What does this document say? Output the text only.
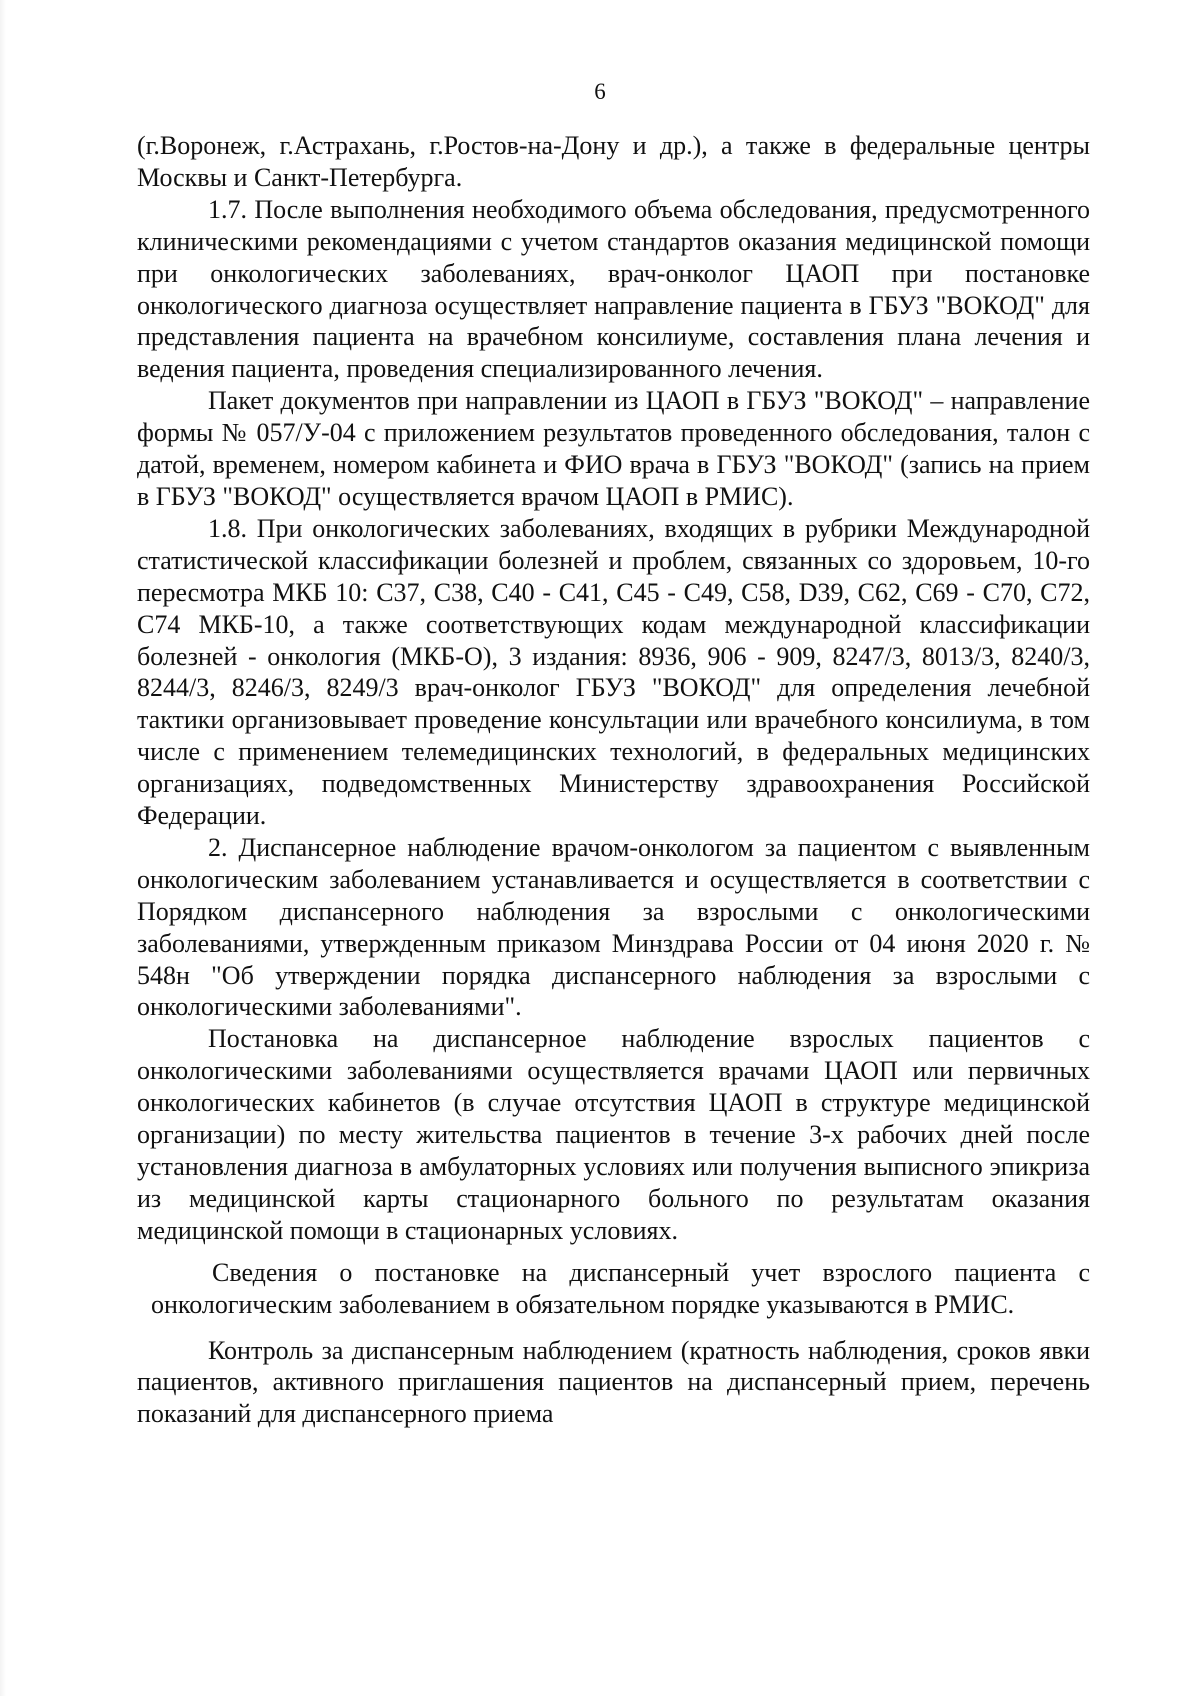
6

(г.Воронеж, г.Астрахань, г.Ростов-на-Дону и др.), а также в федеральные центры Москвы и Санкт-Петербурга.

1.7. После выполнения необходимого объема обследования, предусмотренного клиническими рекомендациями с учетом стандартов оказания медицинской помощи при онкологических заболеваниях, врач-онколог ЦАОП при постановке онкологического диагноза осуществляет направление пациента в ГБУЗ "ВОКОД" для представления пациента на врачебном консилиуме, составления плана лечения и ведения пациента, проведения специализированного лечения.

Пакет документов при направлении из ЦАОП в ГБУЗ "ВОКОД" – направление формы № 057/У-04 с приложением результатов проведенного обследования, талон с датой, временем, номером кабинета и ФИО врача в ГБУЗ "ВОКОД" (запись на прием в ГБУЗ "ВОКОД" осуществляется врачом ЦАОП в РМИС).

1.8. При онкологических заболеваниях, входящих в рубрики Международной статистической классификации болезней и проблем, связанных со здоровьем, 10-го пересмотра МКБ 10: С37, С38, С40 - С41, С45 - С49, С58, D39, С62, С69 - С70, С72, С74 МКБ-10, а также соответствующих кодам международной классификации болезней - онкология (МКБ-О), 3 издания: 8936, 906 - 909, 8247/3, 8013/3, 8240/3, 8244/3, 8246/3, 8249/3 врач-онколог ГБУЗ "ВОКОД" для определения лечебной тактики организовывает проведение консультации или врачебного консилиума, в том числе с применением телемедицинских технологий, в федеральных медицинских организациях, подведомственных Министерству здравоохранения Российской Федерации.

2. Диспансерное наблюдение врачом-онкологом за пациентом с выявленным онкологическим заболеванием устанавливается и осуществляется в соответствии с Порядком диспансерного наблюдения за взрослыми с онкологическими заболеваниями, утвержденным приказом Минздрава России от 04 июня 2020 г. № 548н "Об утверждении порядка диспансерного наблюдения за взрослыми с онкологическими заболеваниями".

Постановка на диспансерное наблюдение взрослых пациентов с онкологическими заболеваниями осуществляется врачами ЦАОП или первичных онкологических кабинетов (в случае отсутствия ЦАОП в структуре медицинской организации) по месту жительства пациентов в течение 3-х рабочих дней после установления диагноза в амбулаторных условиях или получения выписного эпикриза из медицинской карты стационарного больного по результатам оказания медицинской помощи в стационарных условиях.

Сведения о постановке на диспансерный учет взрослого пациента с онкологическим заболеванием в обязательном порядке указываются в РМИС.

Контроль за диспансерным наблюдением (кратность наблюдения, сроков явки пациентов, активного приглашения пациентов на диспансерный прием, перечень показаний для диспансерного приема
